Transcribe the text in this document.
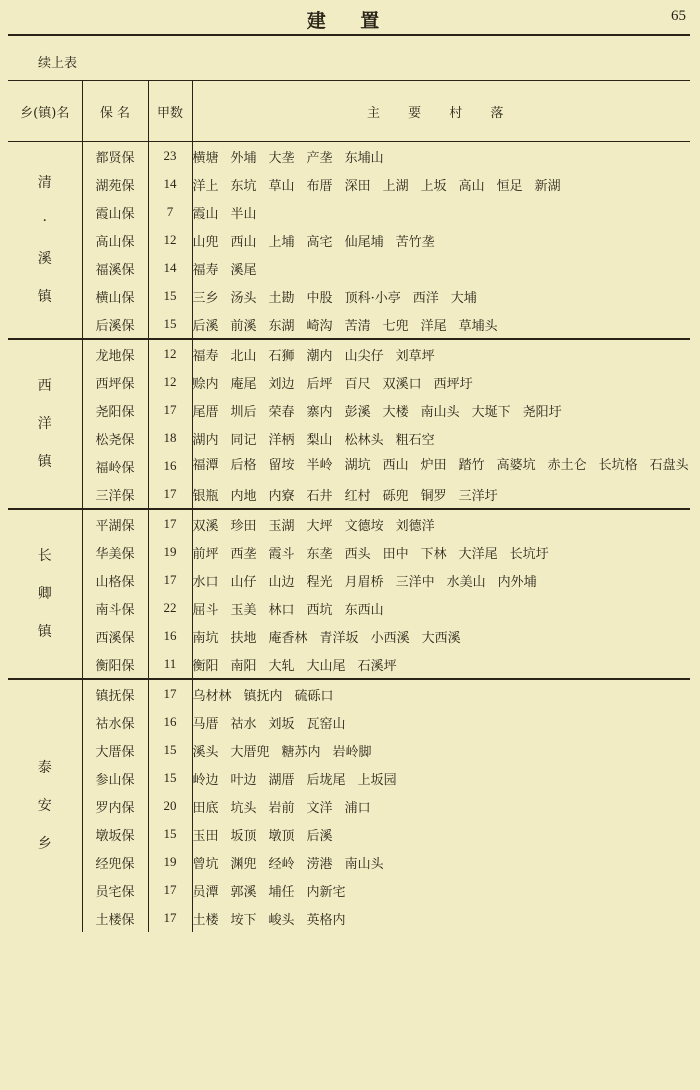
建 置	65
续上表
乡(镇)名	保 名	甲数	主 要 村 落

清
·
溪
镇	都贤保	23	横塘 外埔 大垄 产垄 东埔山
	湖苑保	14	洋上 东坑 草山 布厝 深田 上湖 上坂 高山 恒足 新湖
	霞山保	7	霞山 半山
	高山保	12	山兜 西山 上埔 高宅 仙尾埔 苦竹垄
	福溪保	14	福寿 溪尾
	横山保	15	三乡 汤头 土勘 中股 顶科·小亭 西洋 大埔
	后溪保	15	后溪 前溪 东湖 崎沟 苦清 七兜 洋尾 草埔头

西
洋
镇	龙地保	12	福寿 北山 石狮 潮内 山尖仔 刘草坪
	西坪保	12	赊内 庵尾 刘边 后坪 百尺 双溪口 西坪圩
	尧阳保	17	尾厝 圳后 荣春 寨内 彭溪 大楼 南山头 大埏下 尧阳圩
	松尧保	18	湖内 同记 洋柄 梨山 松林头 粗石空
	福岭保	16	福潭 后格 留垵 半岭 湖坑 西山 炉田 踏竹 高婆坑 赤土仑 长坑格 石盘头
	三洋保	17	银瓶 内地 内寮 石井 红村 砾兜 铜罗 三洋圩

长
卿
镇	平湖保	17	双溪 珍田 玉湖 大坪 文德垵 刘德洋
	华美保	19	前坪 西垄 霞斗 东垄 西头 田中 下林 大洋尾 长坑圩
	山格保	17	水口 山仔 山边 程光 月眉桥 三洋中 水美山 内外埔
	南斗保	22	屈斗 玉美 林口 西坑 东西山
	西溪保	16	南坑 扶地 庵香林 青洋坂 小西溪 大西溪
	衡阳保	11	衡阳 南阳 大轧 大山尾 石溪坪

泰
安
乡	镇抚保	17	乌材林 镇抚内 硫砾口
	祜水保	16	马厝 祜水 刘坂 瓦窑山
	大厝保	15	溪头 大厝兜 糖苏内 岩岭脚
	参山保	15	岭边 叶边 湖厝 后垅尾 上坂园
	罗内保	20	田底 坑头 岩前 文洋 浦口
	墩坂保	15	玉田 坂顶 墩顶 后溪
	经兜保	19	曾坑 渊兜 经岭 涝港 南山头
	员宅保	17	员潭 郭溪 埔任 内新宅
	土楼保	17	土楼 垵下 峻头 英格内
